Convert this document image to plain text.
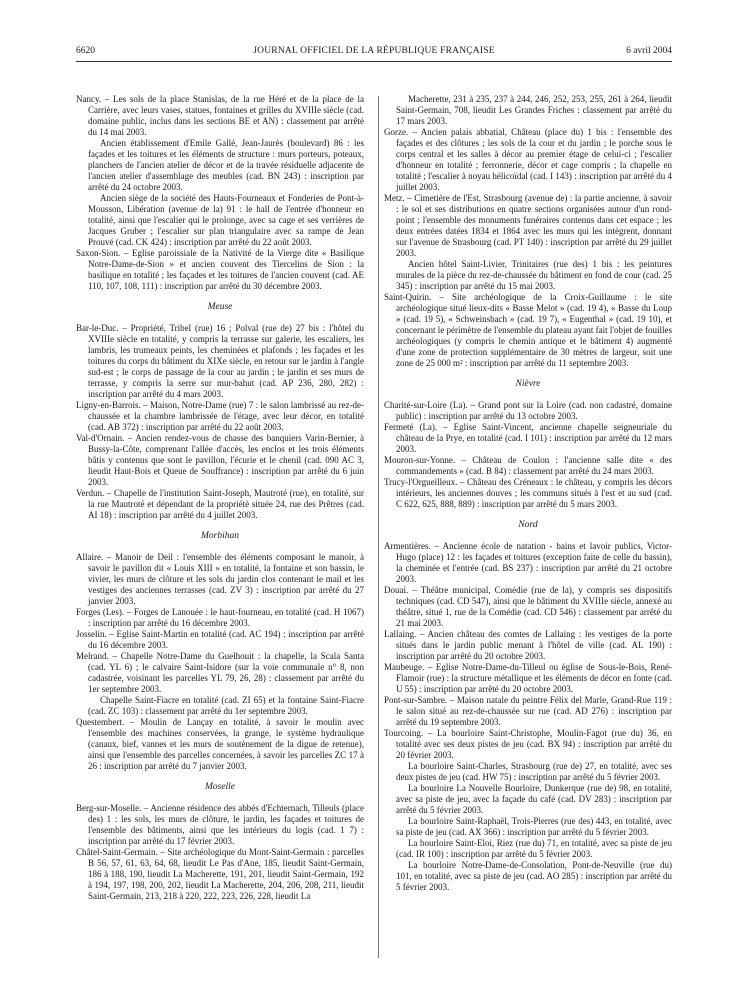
6620	JOURNAL OFFICIEL DE LA RÉPUBLIQUE FRANÇAISE	6 avril 2004

Nancy. – Les sols de la place Stanislas, de la rue Héré et de la place de la Carrière, avec leurs vases, statues, fontaines et grilles du XVIIIe siècle (cad. domaine public, inclus dans les sections BE et AN) : classement par arrêté du 14 mai 2003.

Ancien établissement d'Emile Gallé, Jean-Jaurès (boulevard) 86 : les façades et les toitures et les éléments de structure : murs porteurs, poteaux, planchers de l'ancien atelier de décor et de la travée résiduelle adjacente de l'ancien atelier d'assemblage des meubles (cad. BN 243) : inscription par arrêté du 24 octobre 2003.

Ancien siège de la société des Hauts-Fourneaux et Fonderies de Pont-à-Mousson, Libération (avenue de la) 91 : le hall de l'entrée d'honneur en totalité, ainsi que l'escalier qui le prolonge, avec sa cage et ses verrières de Jacques Gruber ; l'escalier sur plan triangulaire avec sa rampe de Jean Prouvé (cad. CK 424) : inscription par arrêté du 22 août 2003.

Saxon-Sion. – Eglise paroissiale de la Nativité de la Vierge dite « Basilique Notre-Dame-de-Sion » et ancien couvent des Tiercelins de Sion : la basilique en totalité ; les façades et les toitures de l'ancien couvent (cad. AE 110, 107, 108, 111) : inscription par arrêté du 30 décembre 2003.

Meuse

Bar-le-Duc. – Propriété, Tribel (rue) 16 ; Polval (rue de) 27 bis : l'hôtel du XVIIIe siècle en totalité, y compris la terrasse sur galerie, les escaliers, les lambris, les trumeaux peints, les cheminées et plafonds ; les façades et les toitures du corps du bâtiment du XIXe siècle, en retour sur le jardin à l'angle sud-est ; le corps de passage de la cour au jardin ; le jardin et ses murs de terrasse, y compris la serre sur mur-bahut (cad. AP 236, 280, 282) : inscription par arrêté du 4 mars 2003.

Ligny-en-Barrois. – Maison, Notre-Dame (rue) 7 : le salon lambrissé au rez-de-chaussée et la chambre lambrissée de l'étage, avec leur décor, en totalité (cad. AB 372) : inscription par arrêté du 22 août 2003.

Val-d'Ornain. – Ancien rendez-vous de chasse des banquiers Varin-Bernier, à Bussy-la-Côte, comprenant l'allée d'accès, les enclos et les trois éléments bâtis y contenus que sont le pavillon, l'écurie et le chenil (cad. 090 AC 3, lieudit Haut-Bois et Queue de Souffrance) : inscription par arrêté du 6 juin 2003.

Verdun. – Chapelle de l'institution Saint-Joseph, Mautroté (rue), en totalité, sur la rue Mautroté et dépendant de la propriété située 24, rue des Prêtres (cad. AI 18) : inscription par arrêté du 4 juillet 2003.

Morbihan

Allaire. – Manoir de Deil : l'ensemble des éléments composant le manoir, à savoir le pavillon dit « Louis XIII » en totalité, la fontaine et son bassin, le vivier, les murs de clôture et les sols du jardin clos contenant le mail et les vestiges des anciennes terrasses (cad. ZV 3) : inscription par arrêté du 27 janvier 2003.

Forges (Les). – Forges de Lanouée : le haut-fourneau, en totalité (cad. H 1067) : inscription par arrêté du 16 décembre 2003.

Josselin. – Eglise Saint-Martin en totalité (cad. AC 194) : inscription par arrêté du 16 décembre 2003.

Melrand. – Chapelle Notre-Dame du Guelhouit : la chapelle, la Scala Santa (cad. YL 6) ; le calvaire Saint-Isidore (sur la voie communale n° 8, non cadastrée, voisinant les parcelles YL 79, 26, 28) : classement par arrêté du 1er septembre 2003.

Chapelle Saint-Fiacre en totalité (cad. ZI 65) et la fontaine Saint-Fiacre (cad. ZC 103) : classement par arrêté du 1er septembre 2003.

Questembert. – Moulin de Lançay en totalité, à savoir le moulin avec l'ensemble des machines conservées, la grange, le système hydraulique (canaux, bief, vannes et les murs de soutènement de la digue de retenue), ainsi que l'ensemble des parcelles concernées, à savoir les parcelles ZC 17 à 26 : inscription par arrêté du 7 janvier 2003.

Moselle

Berg-sur-Moselle. – Ancienne résidence des abbés d'Echternach, Tilleuls (place des) 1 : les sols, les murs de clôture, le jardin, les façades et toitures de l'ensemble des bâtiments, ainsi que les intérieurs du logis (cad. 1 7) : inscription par arrêté du 17 février 2003.

Châtel-Saint-Germain. – Site archéologique du Mont-Saint-Germain : parcelles B 56, 57, 61, 63, 64, 68, lieudit Le Pas d'Ane, 185, lieudit Saint-Germain, 186 à 188, 190, lieudit La Macherette, 191, 201, lieudit Saint-Germain, 192 à 194, 197, 198, 200, 202, lieudit La Macherette, 204, 206, 208, 211, lieudit Saint-Germain, 213, 218 à 220, 222, 223, 226, 228, lieudit La

Macherette, 231 à 235, 237 à 244, 246, 252, 253, 255, 261 à 264, lieudit Saint-Germain, 708, lieudit Les Grandes Friches : classement par arrêté du 17 mars 2003.

Gorze. – Ancien palais abbatial, Château (place du) 1 bis : l'ensemble des façades et des clôtures ; les sols de la cour et du jardin ; le porche sous le corps central et les salles à décor au premier étage de celui-ci ; l'escalier d'honneur en totalité ; ferronnerie, décor et cage compris ; la chapelle en totalité ; l'escalier à noyau hélicoïdal (cad. I 143) : inscription par arrêté du 4 juillet 2003.

Metz. – Cimetière de l'Est, Strasbourg (avenue de) : la partie ancienne, à savoir : le sol et ses distributions en quatre sections organisées autour d'un rond-point ; l'ensemble des monuments funéraires contenus dans cet espace ; les deux entrées datées 1834 et 1864 avec les murs qui les intègrent, donnant sur l'avenue de Strasbourg (cad. PT 140) : inscription par arrêté du 29 juillet 2003.

Ancien hôtel Saint-Livier, Trinitaires (rue des) 1 bis : les peintures murales de la pièce du rez-de-chaussée du bâtiment en fond de cour (cad. 25 345) : inscription par arrêté du 15 mai 2003.

Saint-Quirin. – Site archéologique de la Croix-Guillaume : le site archéologique situé lieux-dits « Basse Melot » (cad. 19 4), « Basse du Loup » (cad. 19 5), « Schweinsbach » (cad. 19 7), « Eugenthal » (cad. 19 10), et concernant le périmètre de l'ensemble du plateau ayant fait l'objet de fouilles archéologiques (y compris le chemin antique et le bâtiment 4) augmenté d'une zone de protection supplémentaire de 30 mètres de largeur, soit une zone de 25 000 m² : inscription par arrêté du 11 septembre 2003.

Nièvre

Charité-sur-Loire (La). – Grand pont sur la Loire (cad. non cadastré, domaine public) : inscription par arrêté du 13 octobre 2003.

Fermeté (La). – Eglise Saint-Vincent, ancienne chapelle seigneuriale du château de la Prye, en totalité (cad. I 101) : inscription par arrêté du 12 mars 2003.

Mouron-sur-Yonne. – Château de Coulon : l'ancienne salle dite « des commandements » (cad. B 84) : classement par arrêté du 24 mars 2003.

Trucy-l'Orgueilleux. – Château des Créneaux : le château, y compris les décors intérieurs, les anciennes douves ; les communs situés à l'est et au sud (cad. C 622, 625, 888, 889) : inscription par arrêté du 5 mars 2003.

Nord

Armentières. – Ancienne école de natation - bains et lavoir publics, Victor-Hugo (place) 12 : les façades et toitures (exception faite de celle du bassin), la cheminée et l'entrée (cad. BS 237) : inscription par arrêté du 21 octobre 2003.

Douai. – Théâtre municipal, Comédie (rue de la), y compris ses dispositifs techniques (cad. CD 547), ainsi que le bâtiment du XVIIIe siècle, annexé au théâtre, situé 1, rue de la Comédie (cad. CD 546) : classement par arrêté du 21 mai 2003.

Lallaing. – Ancien château des comtes de Lallaing : les vestiges de la porte situés dans le jardin public menant à l'hôtel de ville (cad. AL 190) : inscription par arrêté du 20 octobre 2003.

Maubeuge. – Eglise Notre-Dame-du-Tilleul ou église de Sous-le-Bois, René-Flamoir (rue) : la structure métallique et les éléments de décor en fonte (cad. U 55) : inscription par arrêté du 20 octobre 2003.

Pont-sur-Sambre. – Maison natale du peintre Félix del Marle, Grand-Rue 119 : le salon situé au rez-de-chaussée sur rue (cad. AD 276) : inscription par arrêté du 19 septembre 2003.

Tourcoing. – La bourloire Saint-Christophe, Moulin-Fagot (rue du) 36, en totalité avec ses deux pistes de jeu (cad. BX 94) : inscription par arrêté du 20 février 2003.

La bourloire Saint-Charles, Strasbourg (rue de) 27, en totalité, avec ses deux pistes de jeu (cad. HW 75) : inscription par arrêté du 5 février 2003.

La bourloire La Nouvelle Bourloire, Dunkerque (rue de) 98, en totalité, avec sa piste de jeu, avec la façade du café (cad. DV 283) : inscription par arrêté du 5 février 2003.

La bourloire Saint-Raphaël, Trois-Pierres (rue des) 443, en totalité, avec sa piste de jeu (cad. AX 366) : inscription par arrêté du 5 février 2003.

La bourloire Saint-Eloi, Riez (rue du) 71, en totalité, avec sa piste de jeu (cad. IR 100) : inscription par arrêté du 5 février 2003.

La bourloire Notre-Dame-de-Consolation, Pont-de-Neuville (rue du) 101, en totalité, avec sa piste de jeu (cad. AO 285) : inscription par arrêté du 5 février 2003.
